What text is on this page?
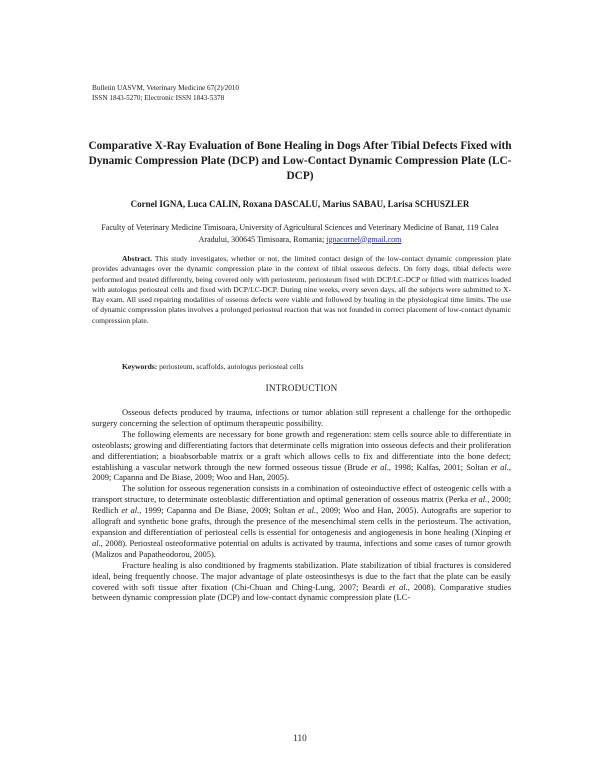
Bulletin UASVM, Veterinary Medicine 67(2)/2010
ISSN 1843-5270; Electronic ISSN 1843-5378
Comparative X-Ray Evaluation of Bone Healing in Dogs After Tibial Defects Fixed with Dynamic Compression Plate (DCP) and Low-Contact Dynamic Compression Plate (LC-DCP)
Cornel IGNA, Luca CALIN, Roxana DASCALU, Marius SABAU, Larisa SCHUSZLER
Faculty of Veterinary Medicine Timisoara, University of Agricultural Sciences and Veterinary Medicine of Banat, 119 Calea Aradului, 300645 Timisoara, Romania; ignacornel@gmail.com

Abstract. This study investigates, whether or not, the limited contact design of the low-contact dynamic compression plate provides advantages over the dynamic compression plate in the context of tibial osseous defects. On forty dogs, tibial defects were performed and treated differently, being covered only with periosteum, periosteum fixed with DCP/LC-DCP or filled with matrices loaded with autologus periosteal cells and fixed with DCP/LC-DCP. During nine weeks, every seven days, all the subjects were submitted to X-Ray exam. All used repairing modalities of osseous defects were viable and followed by healing in the physiological time limits. The use of dynamic compression plates involves a prolonged periosteal reaction that was not founded in correct placement of low-contact dynamic compression plate.

Keywords: periosteum, scaffolds, autologus periosteal cells
INTRODUCTION

Osseous defects produced by trauma, infections or tumor ablation still represent a challenge for the orthopedic surgery concerning the selection of optimum therapeutic possibility.

The following elements are necessary for bone growth and regeneration: stem cells source able to differentiate in osteoblasts; growing and differentiating factors that determinate cells migration into osseous defects and their proliferation and differentiation; a bioabsorbable matrix or a graft which allows cells to fix and differentiate into the bone defect; establishing a vascular network through the new formed osseous tissue (Brude et al., 1998; Kalfas, 2001; Soltan et al., 2009; Capanna and De Biase, 2009; Woo and Han, 2005).

The solution for osseous regeneration consists in a combination of osteoinductive effect of osteogenic cells with a transport structure, to determinate osteoblastic differentiation and optimal generation of osseous matrix (Perka et al., 2000; Redlich et al., 1999; Capanna and De Biase, 2009; Soltan et al., 2009; Woo and Han, 2005). Autografts are superior to allograft and synthetic bone grafts, through the presence of the mesenchimal stem cells in the periosteum. The activation, expansion and differentiation of periosteal cells is essential for ontogenesis and angiogenesis in bone healing (Xinping et al., 2008). Periosteal osteoformative potential on adults is activated by trauma, infections and some cases of tumor growth (Malizos and Papatheodorou, 2005).

Fracture healing is also conditioned by fragments stabilization. Plate stabilization of tibial fractures is considered ideal, being frequently choose. The major advantage of plate osteosinthesys is due to the fact that the plate can be easily covered with soft tissue after fixation (Chi-Chuan and Ching-Lung, 2007; Beardi et al., 2008). Comparative studies between dynamic compression plate (DCP) and low-contact dynamic compression plate (LC-

110
